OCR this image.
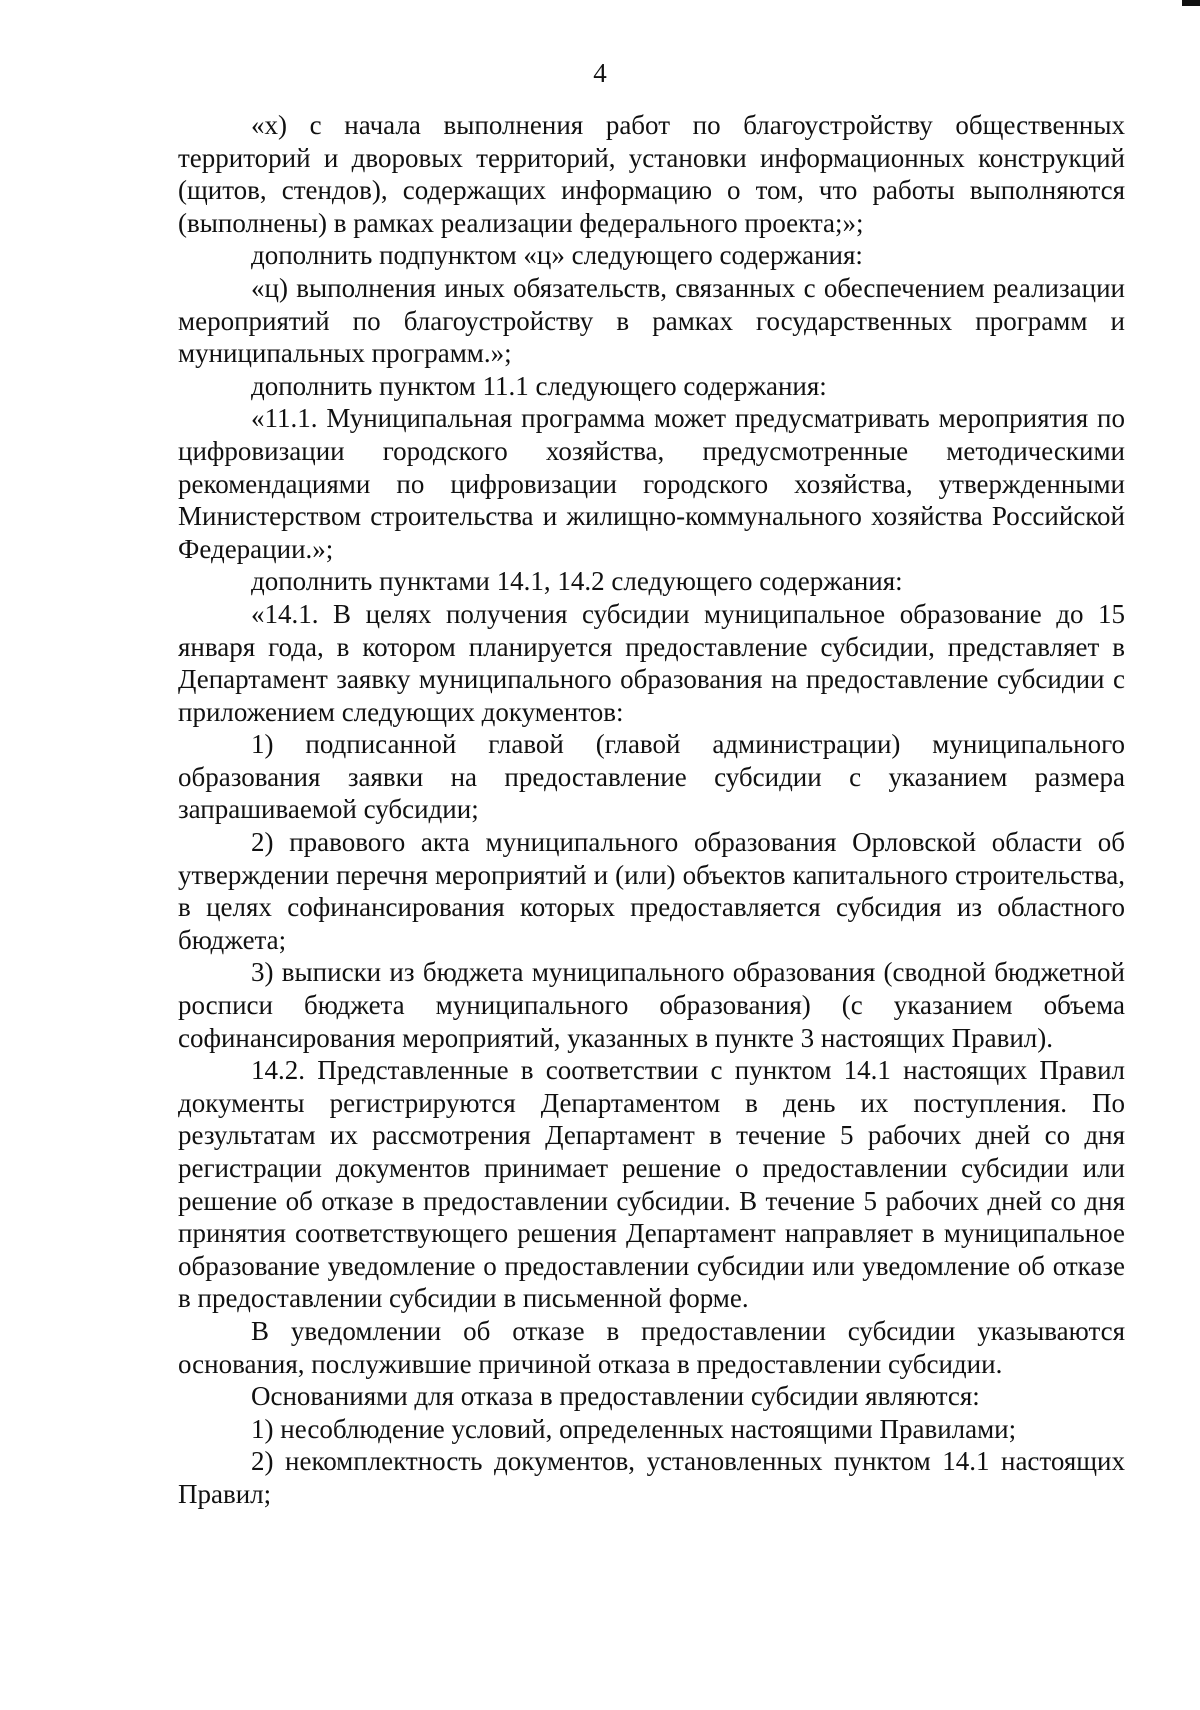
4

«х) с начала выполнения работ по благоустройству общественных территорий и дворовых территорий, установки информационных конструкций (щитов, стендов), содержащих информацию о том, что работы выполняются (выполнены) в рамках реализации федерального проекта;»;

дополнить подпунктом «ц» следующего содержания:

«ц) выполнения иных обязательств, связанных с обеспечением реализации мероприятий по благоустройству в рамках государственных программ и муниципальных программ.»;

дополнить пунктом 11.1 следующего содержания:

«11.1. Муниципальная программа может предусматривать мероприятия по цифровизации городского хозяйства, предусмотренные методическими рекомендациями по цифровизации городского хозяйства, утвержденными Министерством строительства и жилищно-коммунального хозяйства Российской Федерации.»;

дополнить пунктами 14.1, 14.2 следующего содержания:

«14.1. В целях получения субсидии муниципальное образование до 15 января года, в котором планируется предоставление субсидии, представляет в Департамент заявку муниципального образования на предоставление субсидии с приложением следующих документов:

1) подписанной главой (главой администрации) муниципального образования заявки на предоставление субсидии с указанием размера запрашиваемой субсидии;

2) правового акта муниципального образования Орловской области об утверждении перечня мероприятий и (или) объектов капитального строительства, в целях софинансирования которых предоставляется субсидия из областного бюджета;

3) выписки из бюджета муниципального образования (сводной бюджетной росписи бюджета муниципального образования) (с указанием объема софинансирования мероприятий, указанных в пункте 3 настоящих Правил).

14.2. Представленные в соответствии с пунктом 14.1 настоящих Правил документы регистрируются Департаментом в день их поступления. По результатам их рассмотрения Департамент в течение 5 рабочих дней со дня регистрации документов принимает решение о предоставлении субсидии или решение об отказе в предоставлении субсидии. В течение 5 рабочих дней со дня принятия соответствующего решения Департамент направляет в муниципальное образование уведомление о предоставлении субсидии или уведомление об отказе в предоставлении субсидии в письменной форме.

В уведомлении об отказе в предоставлении субсидии указываются основания, послужившие причиной отказа в предоставлении субсидии.

Основаниями для отказа в предоставлении субсидии являются:

1) несоблюдение условий, определенных настоящими Правилами;

2) некомплектность документов, установленных пунктом 14.1 настоящих Правил;
